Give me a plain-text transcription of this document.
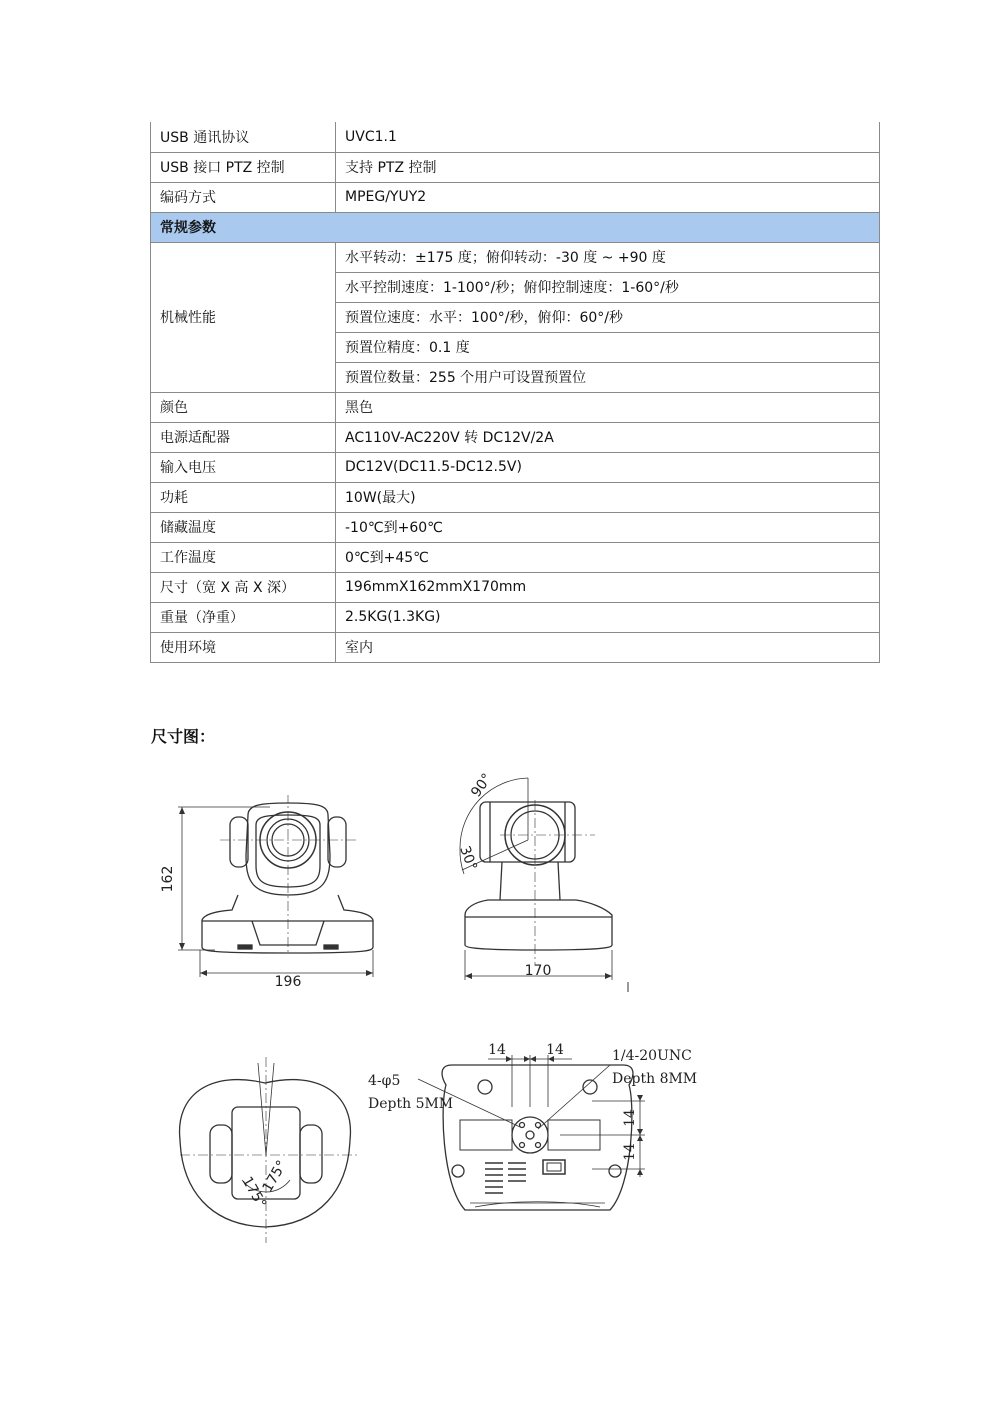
USB 通讯协议	UVC1.1
USB 接口 PTZ 控制	支持 PTZ 控制
编码方式	MPEG/YUY2
常规参数	
机械性能	水平转动：±175 度；俯仰转动：-30 度 ~ +90 度
	水平控制速度：1-100°/秒；俯仰控制速度：1-60°/秒
	预置位速度：水平：100°/秒，俯仰：60°/秒
	预置位精度：0.1 度
	预置位数量：255 个用户可设置预置位
颜色	黑色
电源适配器	AC110V-AC220V 转 DC12V/2A
输入电压	DC12V(DC11.5-DC12.5V)
功耗	10W(最大)
储藏温度	-10℃到+60℃
工作温度	0℃到+45℃
尺寸（宽 X 高 X 深）	196mmX162mmX170mm
重量（净重）	2.5KG(1.3KG)
使用环境	室内
尺寸图：
162
196
90°
30°
170
175°
175°
14	14
14
14
4-φ5
Depth 5MM
1/4-20UNC
Depth 8MM
